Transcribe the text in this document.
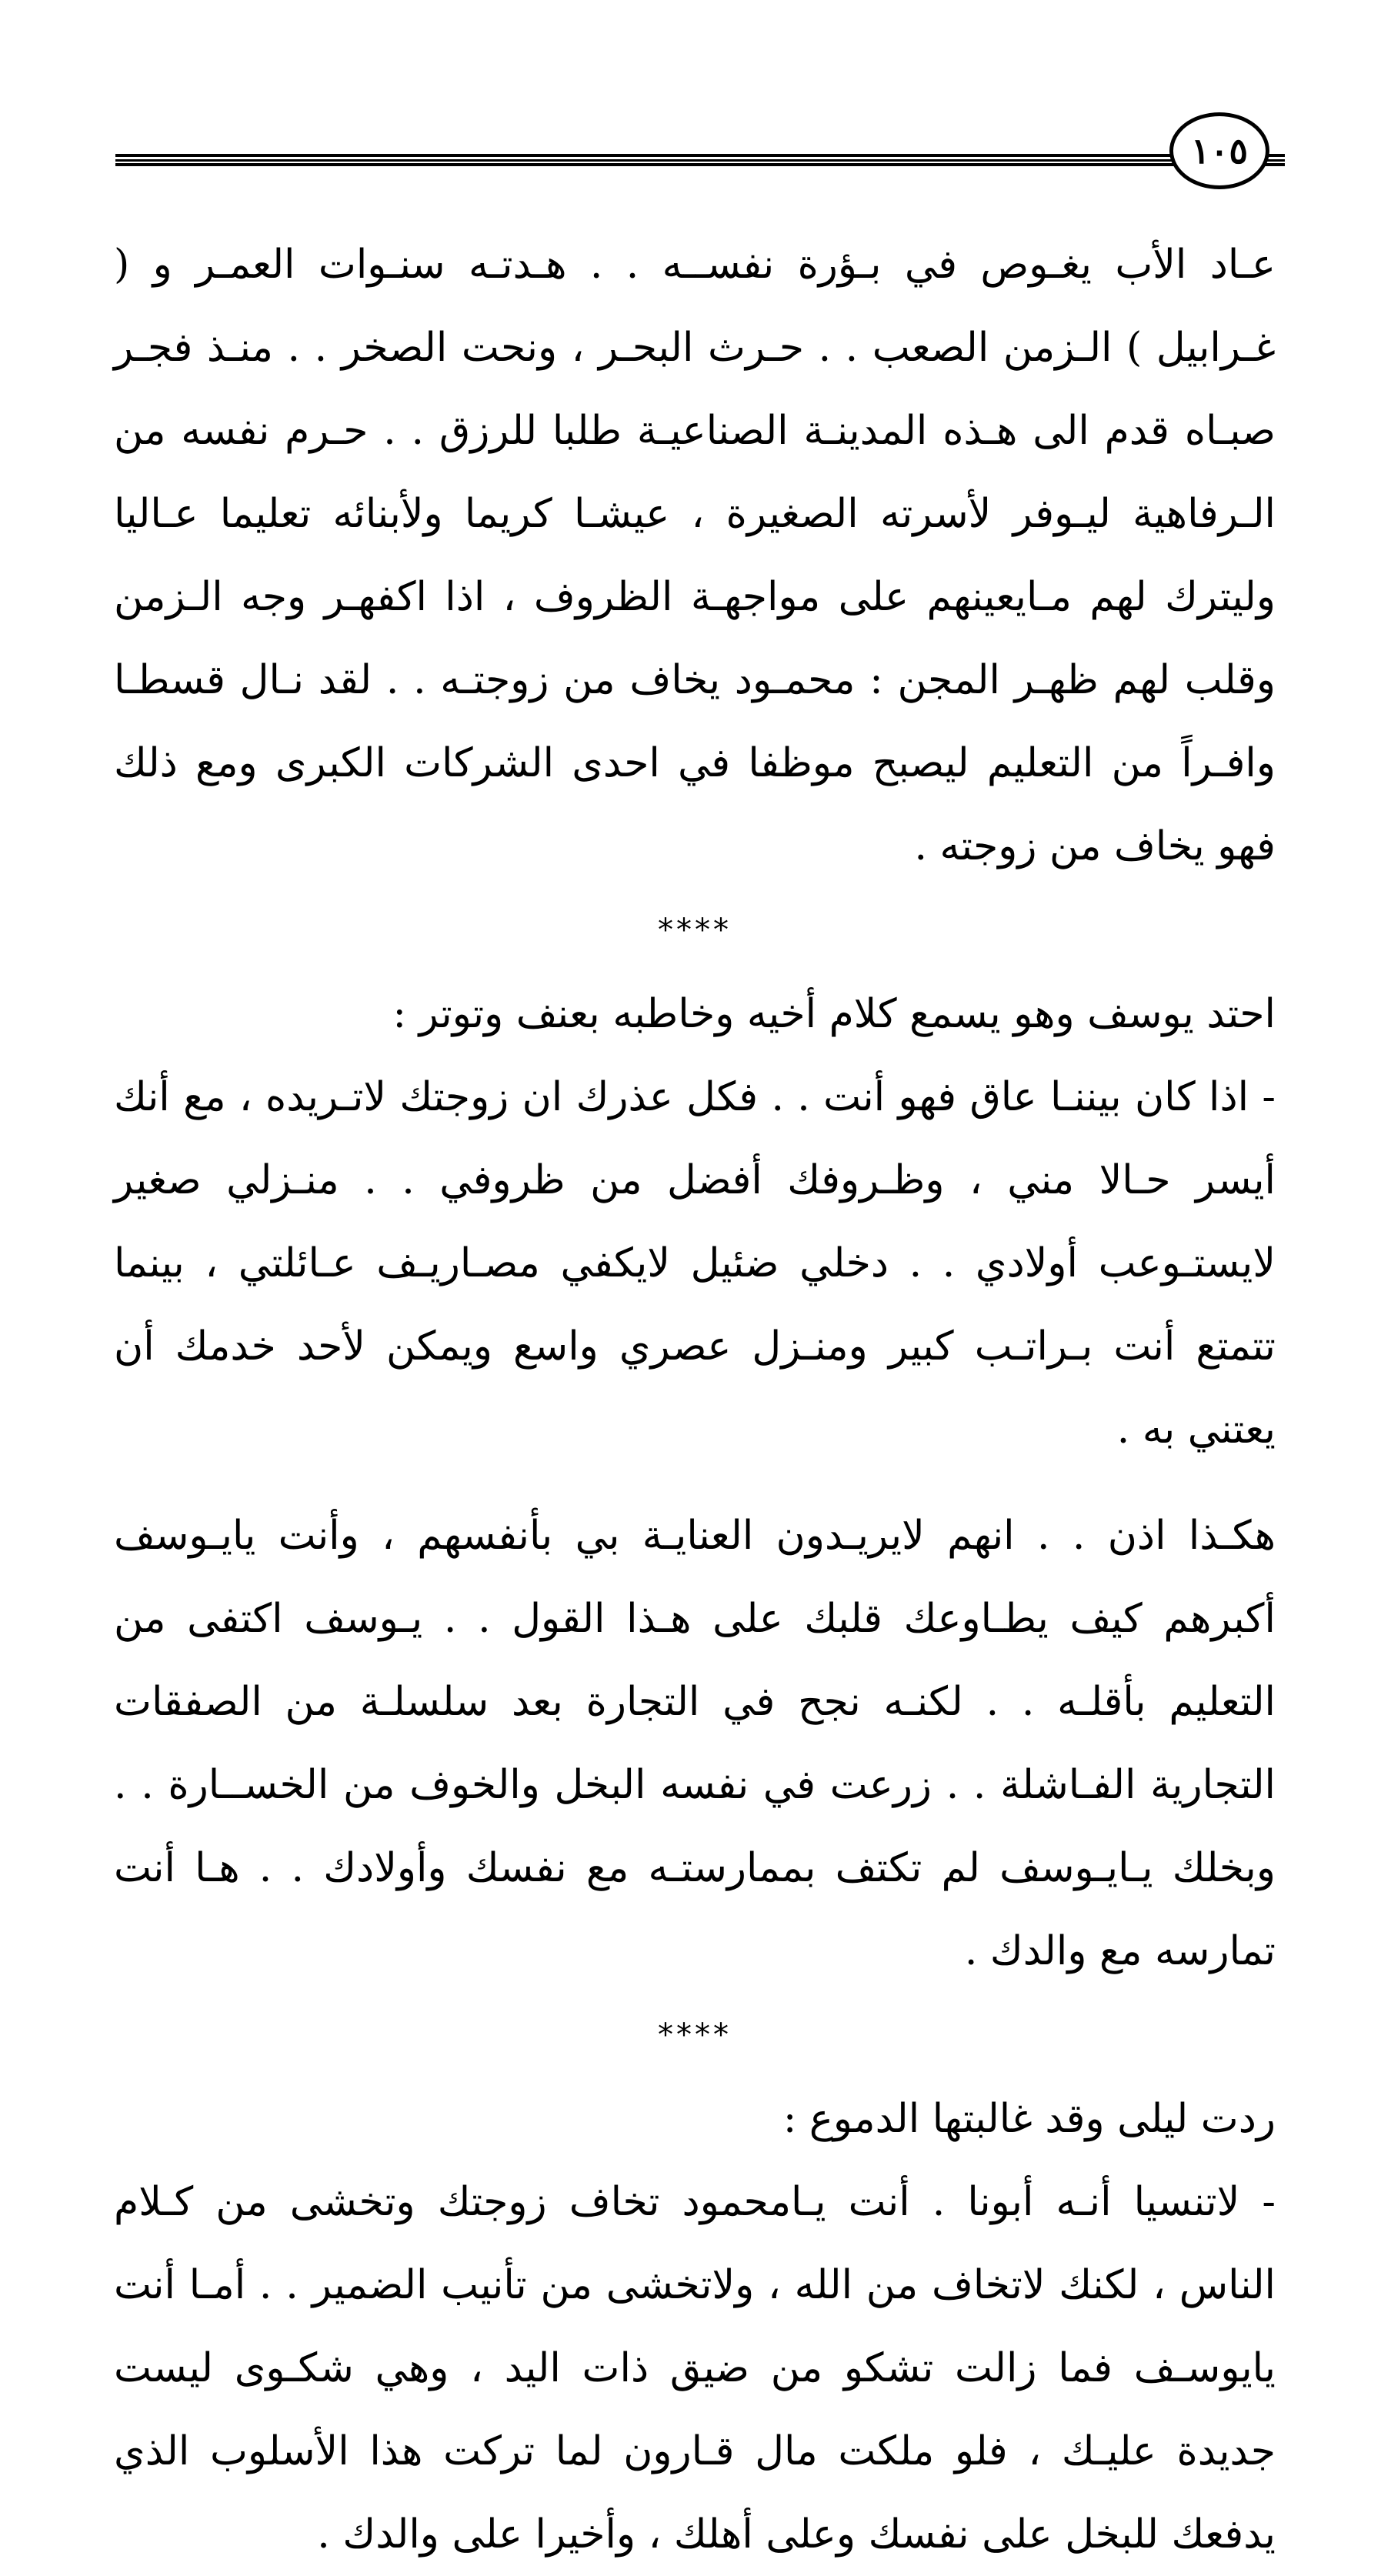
١٠٥

عـاد الأب يغـوص في بـؤرة نفســه . . هـدتـه سنـوات العمـر و ( غـرابيل ) الـزمن الصعب . . حـرث البحـر ، ونحت الصخر . . منـذ فجـر صبـاه قدم الى هـذه المدينـة الصناعيـة طلبا للرزق . . حـرم نفسه من الـرفاهية ليـوفر لأسرته الصغيرة ، عيشـا كريما ولأبنائه تعليما عـاليا وليترك لهم مـايعينهم على مواجهـة الظروف ، اذا اكفهـر وجه الـزمن وقلب لهم ظهـر المجن : محمـود يخاف من زوجتـه . . لقد نـال قسطـا وافـراً من التعليم ليصبح موظفا في احدى الشركات الكبرى ومع ذلك فهو يخاف من زوجته .

****

احتد يوسف وهو يسمع كلام أخيه وخاطبه بعنف وتوتر :

- اذا كان بيننـا عاق فهو أنت . . فكل عذرك ان زوجتك لاتـريده ، مع أنك أيسر حـالا مني ، وظـروفك أفضل من ظروفي . . منـزلي صغير لايستـوعب أولادي . . دخلي ضئيل لايكفي مصـاريـف عـائلتي ، بينما تتمتع أنت بـراتـب كبير ومنـزل عصري واسع ويمكن لأحد خدمك أن يعتني به .

هكـذا اذن . . انهم لايريـدون العنايـة بي بأنفسهم ، وأنت يايـوسف أكبرهم كيف يطـاوعك قلبك على هـذا القول . . يـوسف اكتفى من التعليم بأقلـه . . لكنـه نجح في التجارة بعد سلسلـة من الصفقات التجارية الفـاشلة . . زرعت في نفسه البخل والخوف من الخســارة . . وبخلك يـايـوسف لم تكتف بممارستـه مع نفسك وأولادك . . هـا أنت تمارسه مع والدك .

****

ردت ليلى وقد غالبتها الدموع :

- لاتنسيا أنـه أبونا . أنت يـامحمود تخاف زوجتك وتخشى من كـلام الناس ، لكنك لاتخاف من الله ، ولاتخشى من تأنيب الضمير . . أمـا أنت يايوسـف فما زالت تشكو من ضيق ذات اليد ، وهي شكـوى ليست جديدة عليـك ، فلو ملكت مال قـارون لما تركت هذا الأسلوب الذي يدفعك للبخل على نفسك وعلى أهلك ، وأخيرا على والدك .
